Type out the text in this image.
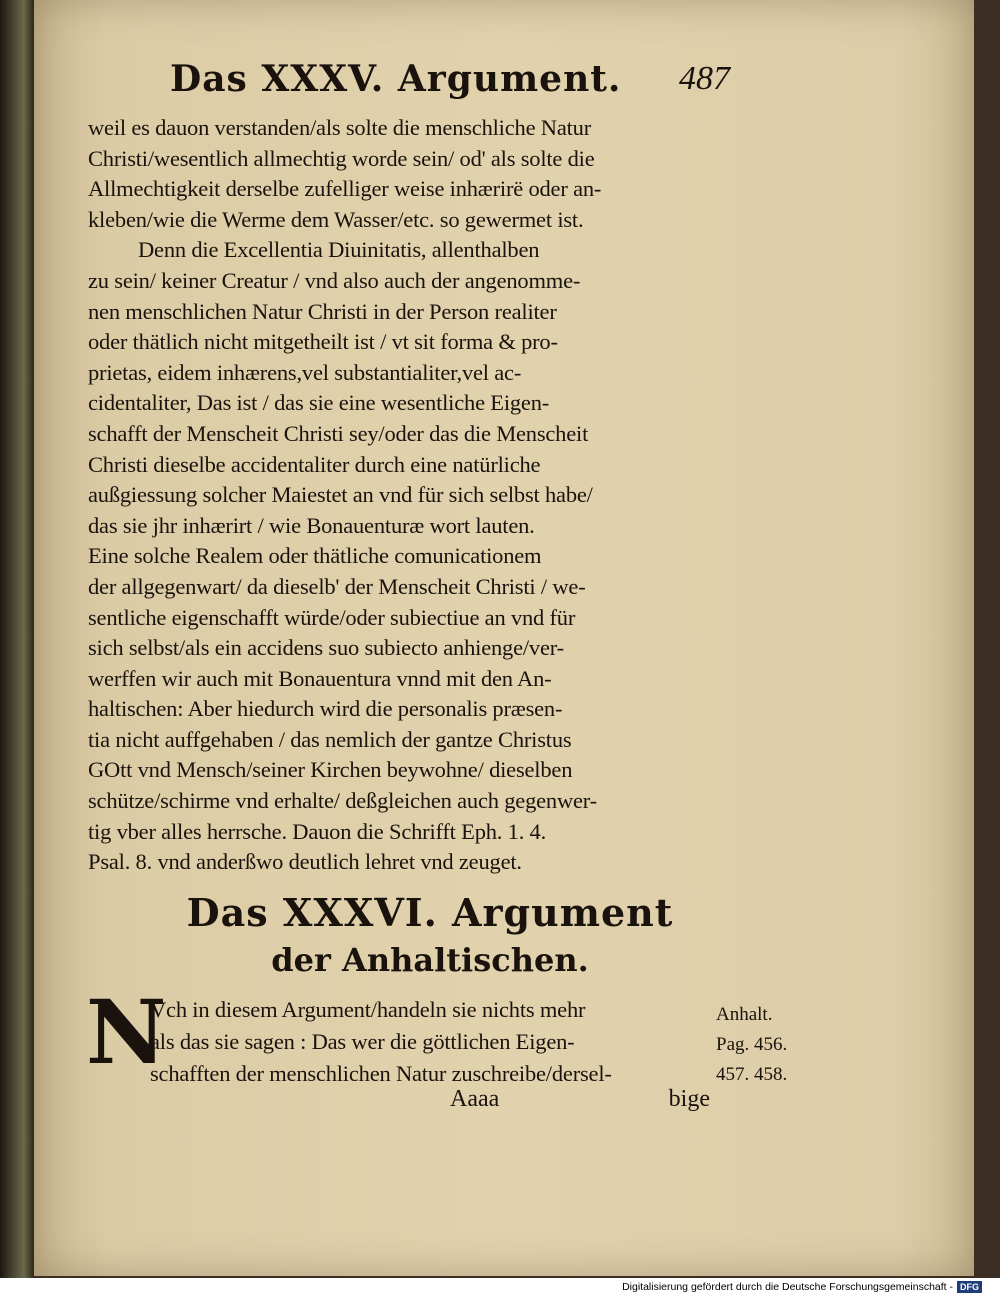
Das XXXV. Argument. 487
weil es dauon verstanden/als solte die menschliche Natur
Christi/wesentlich allmechtig worde sein/ od' als solte die
Allmechtigkeit derselbe zufelliger weise inhærirë oder an-
kleben/wie die Werme dem Wasser/etc. so gewermet ist.
Denn die Excellentia Diuinitatis, allenthalben
zu sein/ keiner Creatur / vnd also auch der angenomme-
nen menschlichen Natur Christi in der Person realiter
oder thätlich nicht mitgetheilt ist / vt sit forma & pro-
prietas, eidem inhærens,vel substantialiter,vel ac-
cidentaliter, Das ist / das sie eine wesentliche Eigen-
schafft der Menscheit Christi sey/oder das die Menscheit
Christi dieselbe accidentaliter durch eine natürliche
außgiessung solcher Maiestet an vnd für sich selbst habe/
das sie jhr inhærirt / wie Bonauenturæ wort lauten.
Eine solche Realem oder thätliche comunicationem
der allgegenwart/ da dieselb' der Menscheit Christi / we-
sentliche eigenschafft würde/oder subiectiue an vnd für
sich selbst/als ein accidens suo subiecto anhienge/ver-
werffen wir auch mit Bonauentura vnnd mit den An-
haltischen: Aber hiedurch wird die personalis præsen-
tia nicht auffgehaben / das nemlich der gantze Christus
GOtt vnd Mensch/seiner Kirchen beywohne/ dieselben
schütze/schirme vnd erhalte/ deßgleichen auch gegenwer-
tig vber alles herrsche. Dauon die Schrifft Eph. 1. 4.
Psal. 8. vnd anderßwo deutlich lehret vnd zeuget.
Das XXXVI. Argument
der Anhaltischen.
N
Vch in diesem Argument/handeln sie nichts mehr
als das sie sagen : Das wer die göttlichen Eigen-
schafften der menschlichen Natur zuschreibe/dersel-
Aaaa	bige
Anhalt.
Pag. 456.
457. 458.
Digitalisierung gefördert durch die Deutsche Forschungsgemeinschaft - DFG
